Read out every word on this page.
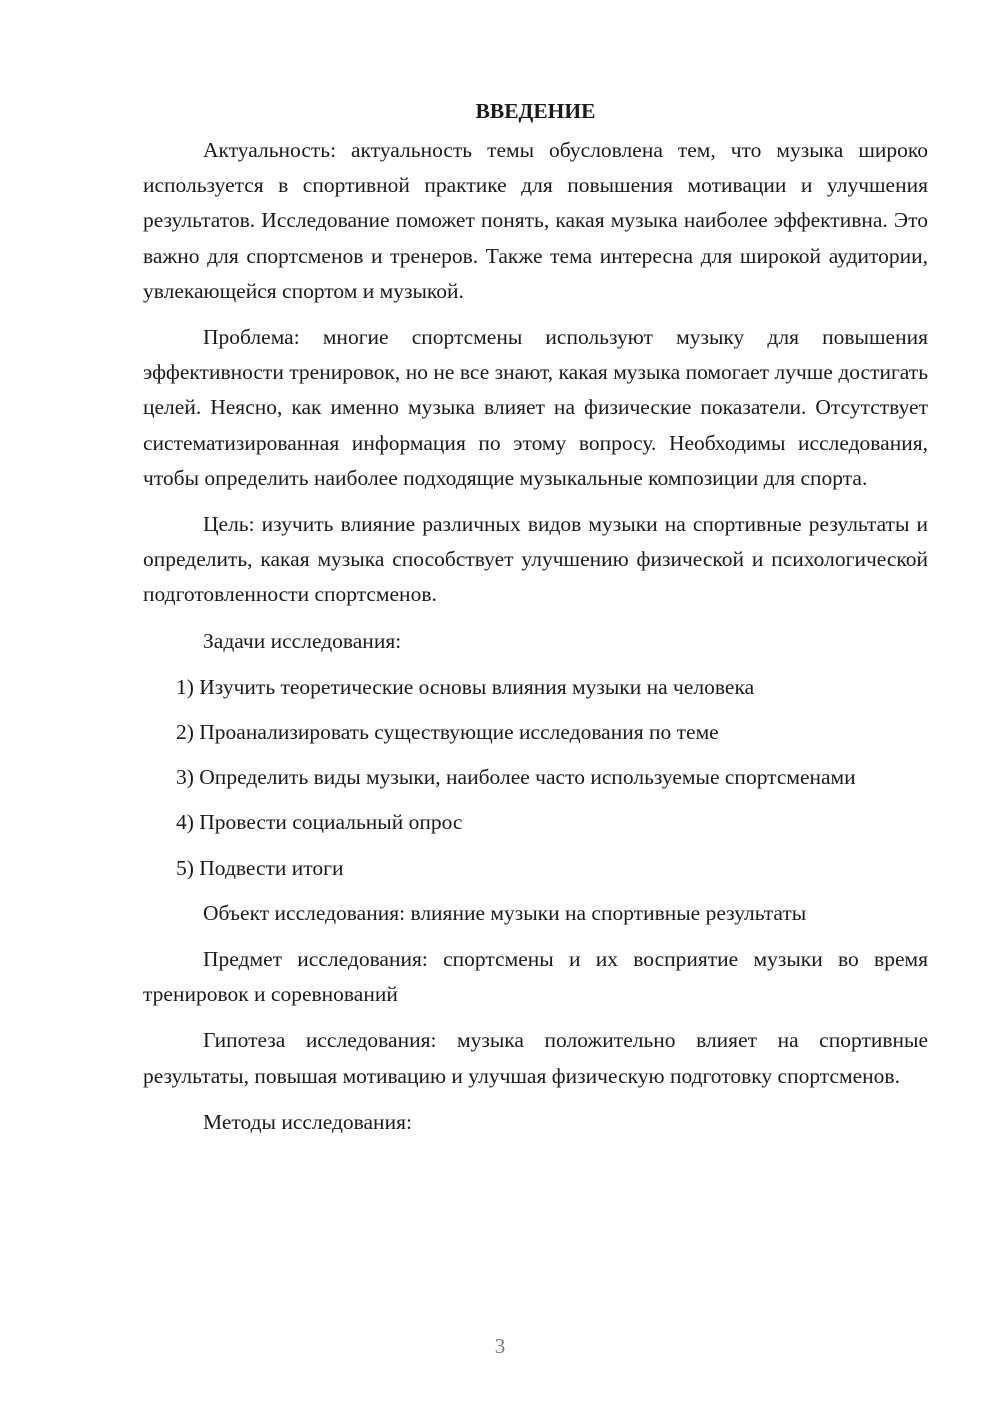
ВВЕДЕНИЕ

Актуальность: актуальность темы обусловлена тем, что музыка широко используется в спортивной практике для повышения мотивации и улучшения результатов. Исследование поможет понять, какая музыка наиболее эффективна. Это важно для спортсменов и тренеров. Также тема интересна для широкой аудитории, увлекающейся спортом и музыкой.

Проблема: многие спортсмены используют музыку для повышения эффективности тренировок, но не все знают, какая музыка помогает лучше достигать целей. Неясно, как именно музыка влияет на физические показатели. Отсутствует систематизированная информация по этому вопросу. Необходимы исследования, чтобы определить наиболее подходящие музыкальные композиции для спорта.

Цель: изучить влияние различных видов музыки на спортивные результаты и определить, какая музыка способствует улучшению физической и психологической подготовленности спортсменов.

Задачи исследования:

1) Изучить теоретические основы влияния музыки на человека

2) Проанализировать существующие исследования по теме

3) Определить виды музыки, наиболее часто используемые спортсменами

4) Провести социальный опрос

5) Подвести итоги

Объект исследования: влияние музыки на спортивные результаты

Предмет исследования: спортсмены и их восприятие музыки во время тренировок и соревнований

Гипотеза исследования: музыка положительно влияет на спортивные результаты, повышая мотивацию и улучшая физическую подготовку спортсменов.

Методы исследования:

3
